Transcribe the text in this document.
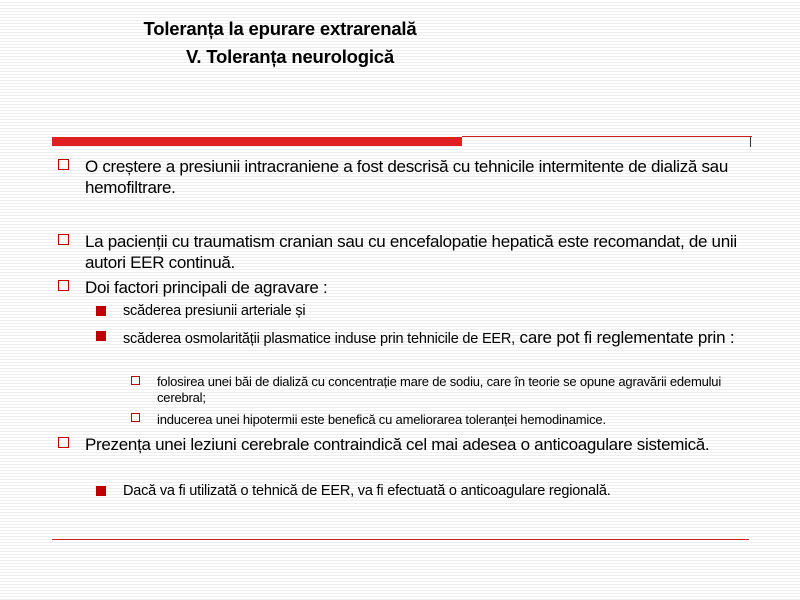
Toleranța la epurare extrarenală
V. Toleranța neurologică
O creștere a presiunii intracraniene a fost descrisă cu tehnicile intermitente de dializă sau hemofiltrare.
La pacienții cu traumatism cranian sau cu encefalopatie hepatică este recomandat, de unii autori EER continuă.
Doi factori principali de agravare :
scăderea presiunii arteriale și
scăderea osmolarității plasmatice induse prin tehnicile de EER, care pot fi reglementate prin :
folosirea unei băi de dializă cu concentrație mare de sodiu, care în teorie se opune agravării edemului cerebral;
inducerea unei hipotermii este benefică cu ameliorarea toleranței hemodinamice.
Prezența unei leziuni cerebrale contraindică cel mai adesea o anticoagulare sistemică.
Dacă va fi utilizată o tehnică de EER, va fi efectuată o anticoagulare regională.
